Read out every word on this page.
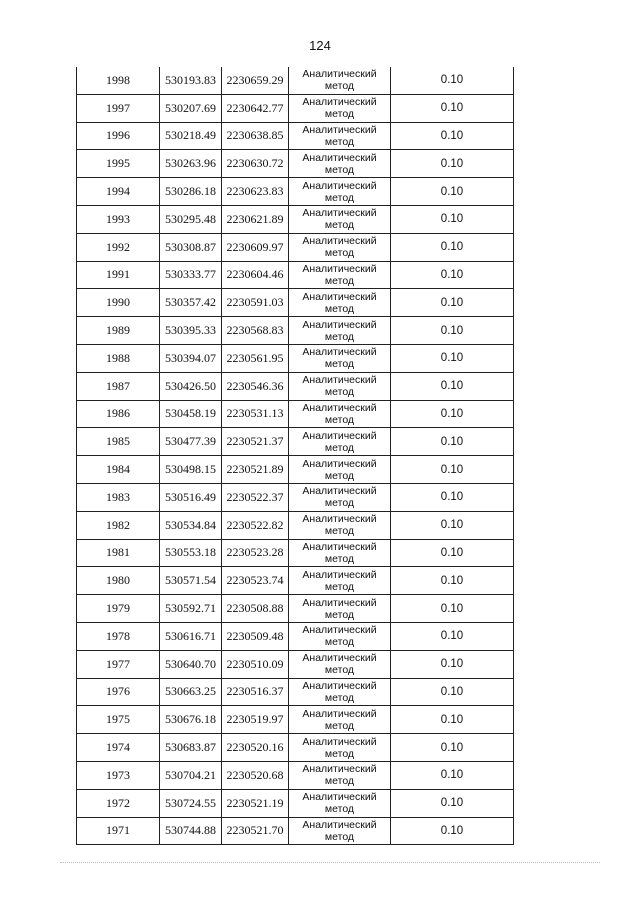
124
1998	530193.83	2230659.29	Аналитический метод	0.10
1997	530207.69	2230642.77	Аналитический метод	0.10
1996	530218.49	2230638.85	Аналитический метод	0.10
1995	530263.96	2230630.72	Аналитический метод	0.10
1994	530286.18	2230623.83	Аналитический метод	0.10
1993	530295.48	2230621.89	Аналитический метод	0.10
1992	530308.87	2230609.97	Аналитический метод	0.10
1991	530333.77	2230604.46	Аналитический метод	0.10
1990	530357.42	2230591.03	Аналитический метод	0.10
1989	530395.33	2230568.83	Аналитический метод	0.10
1988	530394.07	2230561.95	Аналитический метод	0.10
1987	530426.50	2230546.36	Аналитический метод	0.10
1986	530458.19	2230531.13	Аналитический метод	0.10
1985	530477.39	2230521.37	Аналитический метод	0.10
1984	530498.15	2230521.89	Аналитический метод	0.10
1983	530516.49	2230522.37	Аналитический метод	0.10
1982	530534.84	2230522.82	Аналитический метод	0.10
1981	530553.18	2230523.28	Аналитический метод	0.10
1980	530571.54	2230523.74	Аналитический метод	0.10
1979	530592.71	2230508.88	Аналитический метод	0.10
1978	530616.71	2230509.48	Аналитический метод	0.10
1977	530640.70	2230510.09	Аналитический метод	0.10
1976	530663.25	2230516.37	Аналитический метод	0.10
1975	530676.18	2230519.97	Аналитический метод	0.10
1974	530683.87	2230520.16	Аналитический метод	0.10
1973	530704.21	2230520.68	Аналитический метод	0.10
1972	530724.55	2230521.19	Аналитический метод	0.10
1971	530744.88	2230521.70	Аналитический метод	0.10
